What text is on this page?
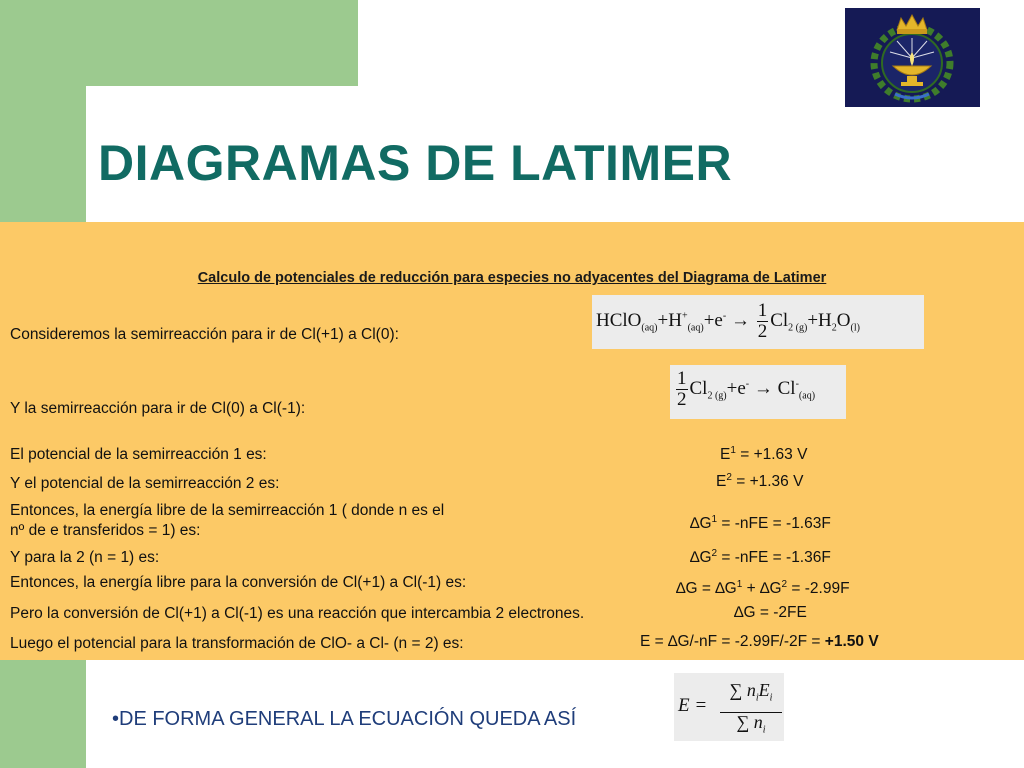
DIAGRAMAS DE LATIMER
Calculo de potenciales de reducción para especies no adyacentes del Diagrama de Latimer
Consideremos la semirreacción para ir de Cl(+1) a Cl(0):
Y la semirreacción para ir de Cl(0) a Cl(-1):
El potencial de la semirreacción 1 es:
Y el potencial de la semirreacción 2 es:
Entonces, la energía libre de la semirreacción 1 ( donde n es el
nº de e transferidos = 1) es:
Y para la 2 (n = 1) es:
Entonces, la energía libre para la conversión de Cl(+1) a Cl(-1) es:
Pero la conversión de Cl(+1) a Cl(-1) es una reacción que intercambia 2 electrones.
Luego el potencial para la transformación de ClO- a Cl- (n = 2) es:
$E^1 = +1.63$ V
$E^2 = +1.36$ V
$\Delta G^1 = -nFE = -1.63F$
$\Delta G^2 = -nFE = -1.36F$
$\Delta G = \Delta G^1 + \Delta G^2 = -2.99F$
∆G = -2FE
E = ∆G/-nF = -2.99F/-2F = +1.50 V
$HClO_{(aq)}+H^+_{(aq)}+e^- \to \frac{1}{2} Cl_{2 (g)}+H_2O_{(l)}$
$\frac{1}{2} Cl_{2 (g)}+e^- \to Cl^-_{(aq)}$
E =
∑ $n_iE_i$
∑ $n_i$
•DE FORMA GENERAL LA ECUACIÓN QUEDA ASÍ
